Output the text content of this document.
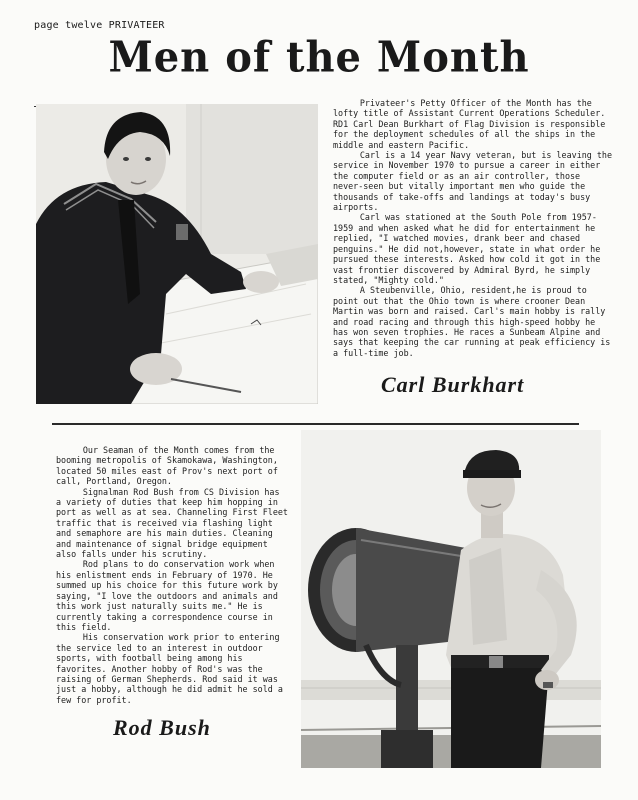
page twelve PRIVATEER
Men of the Month

Privateer's Petty Officer of the Month has the lofty title of Assistant Current Operations Scheduler. RD1 Carl Dean Burkhart of Flag Division is responsible for the deployment schedules of all the ships in the middle and eastern Pacific.

Carl is a 14 year Navy veteran, but is leaving the service in November 1970 to pursue a career in either the computer field or as an air controller, those never-seen but vitally important men who guide the thousands of take-offs and landings at today's busy airports.

Carl was stationed at the South Pole from 1957-1959 and when asked what he did for entertainment he replied, "I watched movies, drank beer and chased penguins." He did not,however, state in what order he pursued these interests. Asked how cold it got in the vast frontier discovered by Admiral Byrd, he simply stated, "Mighty cold."

A Steubenville, Ohio, resident,he is proud to point out that the Ohio town is where crooner Dean Martin was born and raised. Carl's main hobby is rally and road racing and through this high-speed hobby he has won seven trophies. He races a Sunbeam Alpine and says that keeping the car running at peak efficiency is a full-time job.

Carl Burkhart

Our Seaman of the Month comes from the booming metropolis of Skamokawa, Washington, located 50 miles east of Prov's next port of call, Portland, Oregon.

Signalman Rod Bush from CS Division has a variety of duties that keep him hopping in port as well as at sea. Channeling First Fleet traffic that is received via flashing light and semaphore are his main duties. Cleaning and maintenance of signal bridge equipment also falls under his scrutiny.

Rod plans to do conservation work when his enlistment ends in February of 1970. He summed up his choice for this future work by saying, "I love the outdoors and animals and this work just naturally suits me." He is currently taking a correspondence course in this field.

His conservation work prior to entering the service led to an interest in outdoor sports, with football being among his favorites. Another hobby of Rod's was the raising of German Shepherds. Rod said it was just a hobby, although he did admit he sold a few for profit.

Rod Bush
